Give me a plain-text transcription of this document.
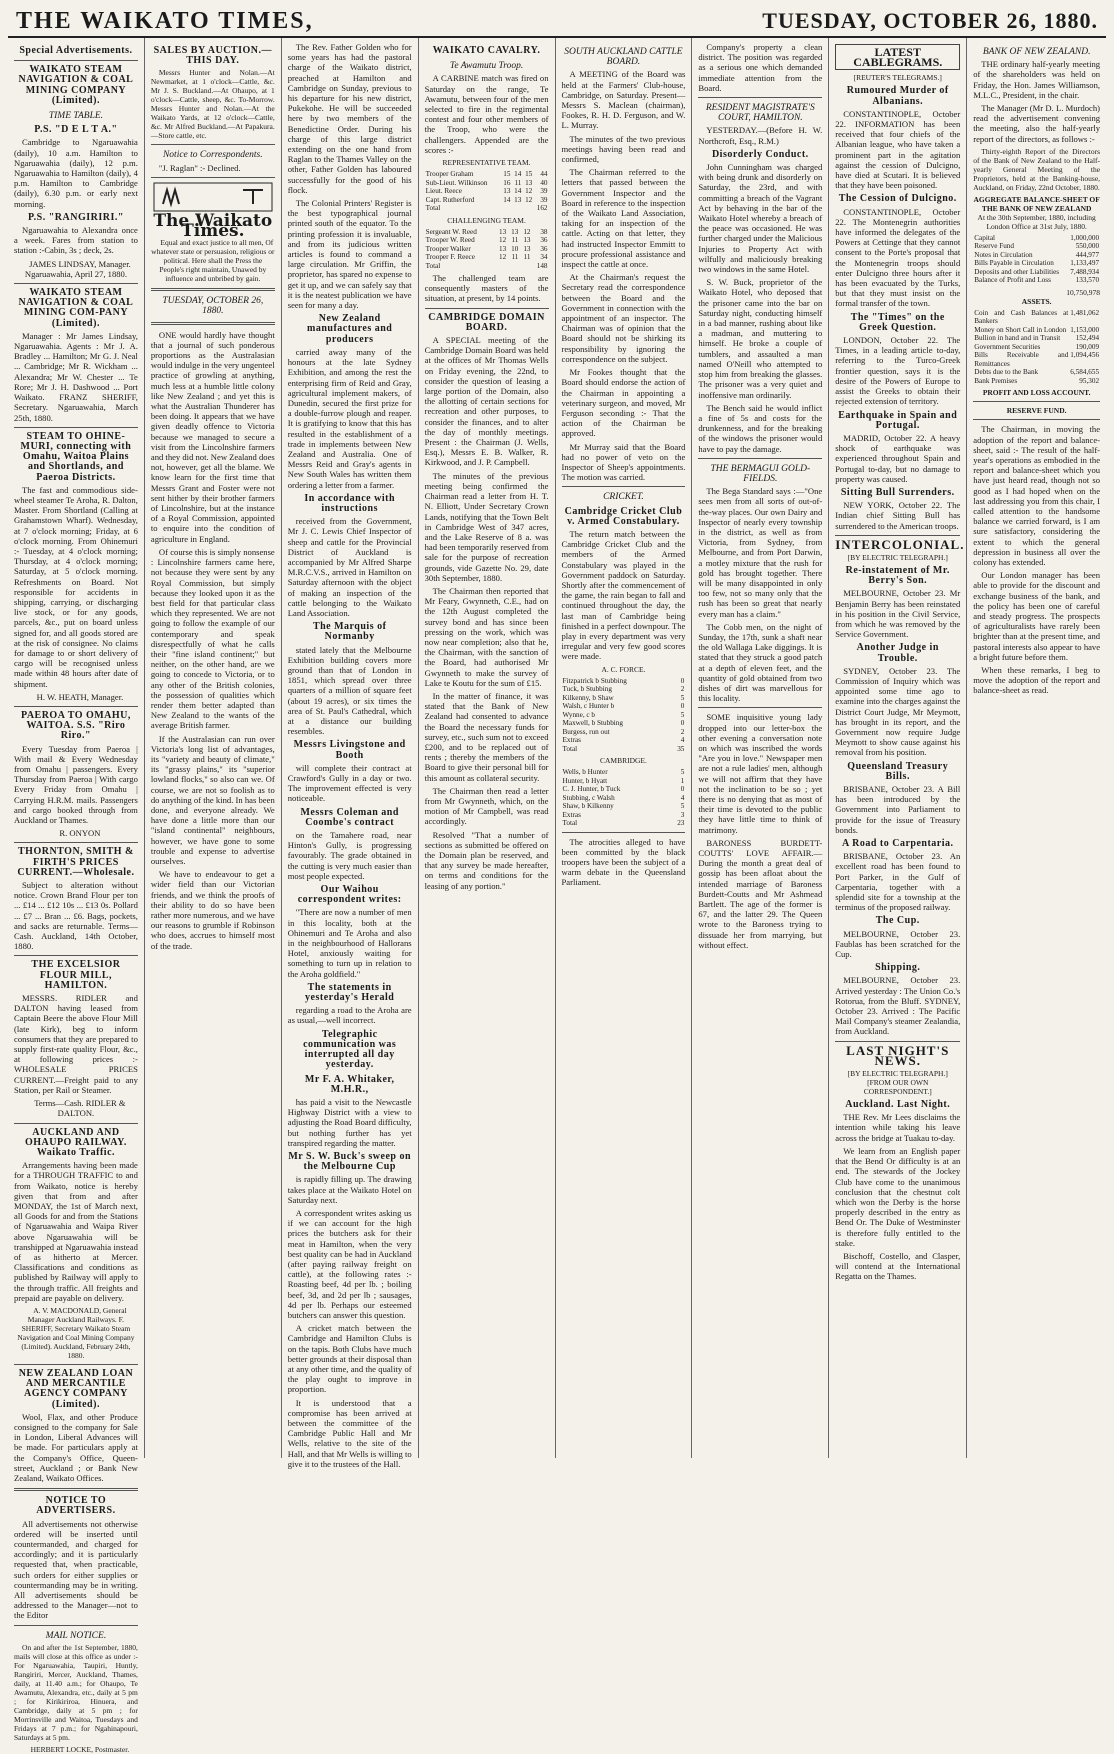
THE WAIKATO TIMES,	TUESDAY, OCTOBER 26, 1880.
Special Advertisements.
WAIKATO STEAM NAVIGATION & COAL MINING COMPANY (Limited).
TIME TABLE.
P.S. "D E L T A."

Cambridge to Ngaruawahia (daily), 10 a.m. Hamilton to Ngaruawahia (daily), 12 p.m. Ngaruawahia to Hamilton (daily), 4 p.m. Hamilton to Cambridge (daily), 6.30 p.m. or early next morning.

P.S. "RANGIRIRI."

Ngaruawahia to Alexandra once a week. Fares from station to station :-Cabin, 3s ; deck, 2s.

JAMES LINDSAY, Manager. Ngaruawahia, April 27, 1880.

WAIKATO STEAM NAVIGATION & COAL MINING COM-PANY (Limited).

Manager : Mr James Lindsay, Ngaruawahia. Agents : Mr J. A. Bradley ... Hamilton; Mr G. J. Neal ... Cambridge; Mr R. Wickham ... Alexandra; Mr W. Chester ... Te Rore; Mr J. H. Dashwood ... Port Waikato. FRANZ SHERIFF, Secretary. Ngaruawahia, March 25th, 1880.

STEAM TO OHINE-MURI, connecting with Omahu, Waitoa Plains and Shortlands, and Paeroa Districts.

The fast and commodious side-wheel steamer Te Aroha, R. Dalton, Master. From Shortland (Calling at Grahamstown Wharf). Wednesday, at 7 o'clock morning; Friday, at 6 o'clock morning. From Ohinemuri :- Tuesday, at 4 o'clock morning; Thursday, at 4 o'clock morning; Saturday, at 5 o'clock morning. Refreshments on Board. Not responsible for accidents in shipping, carrying, or discharging live stock, or for any goods, parcels, &c., put on board unless signed for, and all goods stored are at the risk of consignee. No claims for damage to or short delivery of cargo will be recognised unless made within 48 hours after date of shipment.

H. W. HEATH, Manager.

PAEROA TO OMAHU, WAITOA. S.S. "Riro Riro."

Every Tuesday from Paeroa | With mail & Every Wednesday from Omahu | passengers. Every Thursday from Paeroa | With cargo Every Friday from Omahu | Carrying H.R.M. mails. Passengers and cargo booked through from Auckland or Thames.

R. ONYON

THORNTON, SMITH & FIRTH'S PRICES CURRENT.—Wholesale.

Subject to alteration without notice. Crown Brand Flour per ton ... £14 ... £12 10s ... £13 0s. Pollard ... £7 ... Bran ... £6. Bags, pockets, and sacks are returnable. Terms—Cash. Auckland, 14th October, 1880.

THE EXCELSIOR FLOUR MILL, HAMILTON.

MESSRS. RIDLER and DALTON having leased from Captain Beere the above Flour Mill (late Kirk), beg to inform consumers that they are prepared to supply first-rate quality Flour, &c., at following prices :- WHOLESALE PRICES CURRENT.—Freight paid to any Station, per Rail or Steamer.

Terms—Cash. RIDLER & DALTON.

AUCKLAND AND OHAUPO RAILWAY. Waikato Traffic.

Arrangements having been made for a THROUGH TRAFFIC to and from Waikato, notice is hereby given that from and after MONDAY, the 1st of March next, all Goods for and from the Stations of Ngaruawahia and Waipa River above Ngaruawahia will be transhipped at Ngaruawahia instead of as hitherto at Mercer. Classifications and conditions as published by Railway will apply to the through traffic. All freights and prepaid are payable on delivery.

A. V. MACDONALD, General Manager Auckland Railways. F. SHERIFF, Secretary Waikato Steam Navigation and Coal Mining Company (Limited). Auckland, February 24th, 1880.

NEW ZEALAND LOAN AND MERCANTILE AGENCY COMPANY (Limited).

Wool, Flax, and other Produce consigned to the company for Sale in London, Liberal Advances will be made. For particulars apply at the Company's Office, Queen-street, Auckland ; or Bank New Zealand, Waikato Offices.

NOTICE TO ADVERTISERS.

All advertisements not otherwise ordered will be inserted until countermanded, and charged for accordingly; and it is particularly requested that, when practicable, such orders for either supplies or countermanding may be in writing. All advertisements should be addressed to the Manager—not to the Editor

MAIL NOTICE.

On and after the 1st September, 1880, mails will close at this office as under :-For Ngaruawahia, Taupiri, Huntly, Rangiriri, Mercer, Auckland, Thames, daily, at 11.40 a.m.; for Ohaupo, Te Awamutu, Alexandra, etc., daily at 5 pm ; for Kirikiriroa, Hinuera, and Cambridge, daily at 5 pm ; for Morrinsville and Waitoa, Tuesdays and Fridays at 7 p.m.; for Ngahinapouri, Saturdays at 5 pm.

HERBERT LOCKE, Postmaster.

SALES BY AUCTION.—THIS DAY.

Messrs Hunter and Nolan.—At Newmarket, at 1 o'clock—Cattle, &c. Mr J. S. Buckland.—At Ohaupo, at 1 o'clock—Cattle, sheep, &c. To-Morrow. Messrs Hunter and Nolan.—At the Waikato Yards, at 12 o'clock—Cattle, &c. Mr Alfred Buckland.—At Papakura.—Store cattle, etc.

Notice to Correspondents.

"J. Raglan" :- Declined.

The Waikato Times.

Equal and exact justice to all men, Of whatever state or persuasion, religious or political. Here shall the Press the People's right maintain, Unawed by influence and unbribed by gain.

TUESDAY, OCTOBER 26, 1880.

ONE would hardly have thought that a journal of such ponderous proportions as the Australasian would indulge in the very ungenteel practice of growling at anything, much less at a humble little colony like New Zealand ; and yet this is what the Australian Thunderer has been doing. It appears that we have given deadly offence to Victoria because we managed to secure a visit from the Lincolnshire farmers and they did not. New Zealand does not, however, get all the blame. We know learn for the first time that Messrs Grant and Foster were not sent hither by their brother farmers of Lincolnshire, but at the instance of a Royal Commission, appointed to enquire into the condition of agriculture in England.

Of course this is simply nonsense : Lincolnshire farmers came here, not because they were sent by any Royal Commission, but simply because they looked upon it as the best field for that particular class which they represented. We are not going to follow the example of our contemporary and speak disrespectfully of what he calls their "fine island continent;" but neither, on the other hand, are we going to concede to Victoria, or to any other of the British colonies, the possession of qualities which render them better adapted than New Zealand to the wants of the average British farmer.

If the Australasian can run over Victoria's long list of advantages, its "variety and beauty of climate," its "grassy plains," its "superior lowland flocks," so also can we. Of course, we are not so foolish as to do anything of the kind. In has been done, and everyone already. We have done a little more than our "island continental" neighbours, however, we have gone to some trouble and expense to advertise ourselves.

We have to endeavour to get a wider field than our Victorian friends, and we think the proofs of their ability to do so have been rather more numerous, and we have our reasons to grumble if Robinson who does, accrues to himself most of the trade.

The Rev. Father Golden who for some years has had the pastoral charge of the Waikato district, preached at Hamilton and Cambridge on Sunday, previous to his departure for his new district, Pukekohe. He will be succeeded here by two members of the Benedictine Order. During his charge of this large district extending on the one hand from Raglan to the Thames Valley on the other, Father Golden has laboured successfully for the good of his flock.

The Colonial Printers' Register is the best typographical journal printed south of the equator. To the printing profession it is invaluable, and from its judicious written articles is found to command a large circulation. Mr Griffin, the proprietor, has spared no expense to get it up, and we can safely say that it is the neatest publication we have seen for many a day.

New Zealand manufactures and producers

carried away many of the honours at the late Sydney Exhibition, and among the rest the enterprising firm of Reid and Gray, agricultural implement makers, of Dunedin, secured the first prize for a double-furrow plough and reaper. It is gratifying to know that this has resulted in the establishment of a trade in implements between New Zealand and Australia. One of Messrs Reid and Gray's agents in New South Wales has written them ordering a letter from a farmer.

In accordance with instructions

received from the Government, Mr J. C. Lewis Chief Inspector of sheep and cattle for the Provincial District of Auckland is accompanied by Mr Alfred Sharpe M.R.C.V.S., arrived in Hamilton on Saturday afternoon with the object of making an inspection of the cattle belonging to the Waikato Land Association.

The Marquis of Normanby

stated lately that the Melbourne Exhibition building covers more ground than that of London in 1851, which spread over three quarters of a million of square feet (about 19 acres), or six times the area of St. Paul's Cathedral, which at a distance our building resembles.

Messrs Livingstone and Booth

will complete their contract at Crawford's Gully in a day or two. The improvement effected is very noticeable.

Messrs Coleman and Coombe's contract

on the Tamahere road, near Hinton's Gully, is progressing favourably. The grade obtained in the cutting is very much easier than most people expected.

Our Waihou correspondent writes:

"There are now a number of men in this locality, both at the Ohinemuri and Te Aroha and also in the neighbourhood of Hallorans Hotel, anxiously waiting for something to turn up in relation to the Aroha goldfield."

The statements in yesterday's Herald

regarding a road to the Aroha are as usual,—well incorrect.

Telegraphic communication was interrupted all day yesterday.
Mr F. A. Whitaker, M.H.R.,

has paid a visit to the Newcastle Highway District with a view to adjusting the Road Board difficulty, but nothing further has yet transpired regarding the matter.

Mr S. W. Buck's sweep on the Melbourne Cup

is rapidly filling up. The drawing takes place at the Waikato Hotel on Saturday next.

A correspondent writes asking us if we can account for the high prices the butchers ask for their meat in Hamilton, when the very best quality can be had in Auckland (after paying railway freight on cattle), at the following rates :- Roasting beef, 4d per lb. ; boiling beef, 3d, and 2d per lb ; sausages, 4d per lb. Perhaps our esteemed butchers can answer this question.

A cricket match between the Cambridge and Hamilton Clubs is on the tapis. Both Clubs have much better grounds at their disposal than at any other time, and the quality of the play ought to improve in proportion.

It is understood that a compromise has been arrived at between the committee of the Cambridge Public Hall and Mr Wells, relative to the site of the Hall, and that Mr Wells is willing to give it to the trustees of the Hall.

WAIKATO CAVALRY.
Te Awamutu Troop.

A CARBINE match was fired on Saturday on the range, Te Awamutu, between four of the men selected to fire in the regimental contest and four other members of the Troop, who were the challengers. Appended are the scores :-

REPRESENTATIVE TEAM.
Trooper Graham	15	14	15	44
Sub-Lieut. Wilkinson	16	11	13	40
Lieut. Reece	13	14	12	39
Capt. Rutherford	14	13	12	39
Total				162
CHALLENGING TEAM.
Sergeant W. Reed	13	13	12	38
Trooper W. Reed	12	11	13	36
Trooper Walker	13	10	13	36
Trooper F. Reece	12	11	11	34
Total				148

The challenged team are consequently masters of the situation, at present, by 14 points.

CAMBRIDGE DOMAIN BOARD.

A SPECIAL meeting of the Cambridge Domain Board was held at the offices of Mr Thomas Wells on Friday evening, the 22nd, to consider the question of leasing a large portion of the Domain, also the allotting of certain sections for recreation and other purposes, to consider the finances, and to alter the day of monthly meetings. Present : the Chairman (J. Wells, Esq.), Messrs E. B. Walker, R. Kirkwood, and J. P. Campbell.

The minutes of the previous meeting being confirmed the Chairman read a letter from H. T. N. Elliott, Under Secretary Crown Lands, notifying that the Town Belt in Cambridge West of 347 acres, and the Lake Reserve of 8 a. was had been temporarily reserved from sale for the purpose of recreation grounds, vide Gazette No. 29, date 30th September, 1880.

The Chairman then reported that Mr Feary, Gwynneth, C.E., had on the 12th August completed the survey bond and has since been pressing on the work, which was now near completion; also that he, the Chairman, with the sanction of the Board, had authorised Mr Gwynneth to make the survey of Lake te Koutu for the sum of £15.

In the matter of finance, it was stated that the Bank of New Zealand had consented to advance the Board the necessary funds for survey, etc., such sum not to exceed £200, and to be replaced out of rents ; thereby the members of the Board to give their personal bill for this amount as collateral security.

The Chairman then read a letter from Mr Gwynneth, which, on the motion of Mr Campbell, was read accordingly.

Resolved "That a number of sections as submitted be offered on the Domain plan be reserved, and that any survey be made hereafter, on terms and conditions for the leasing of any portion."

SOUTH AUCKLAND CATTLE BOARD.

A MEETING of the Board was held at the Farmers' Club-house, Cambridge, on Saturday. Present—Messrs S. Maclean (chairman), Fookes, R. H. D. Ferguson, and W. L. Murray.

The minutes of the two previous meetings having been read and confirmed,

The Chairman referred to the letters that passed between the Government Inspector and the Board in reference to the inspection of the Waikato Land Association, taking for an inspection of the cattle. Acting on that letter, they had instructed Inspector Emmitt to procure professional assistance and inspect the cattle at once.

At the Chairman's request the Secretary read the correspondence between the Board and the Government in connection with the appointment of an inspector. The Chairman was of opinion that the Board should not be shirking its responsibility by ignoring the correspondence on the subject.

Mr Fookes thought that the Board should endorse the action of the Chairman in appointing a veterinary surgeon, and moved, Mr Ferguson seconding :- That the action of the Chairman be approved.

Mr Murray said that the Board had no power of veto on the Inspector of Sheep's appointments. The motion was carried.

CRICKET.
Cambridge Cricket Club v. Armed Constabulary.

The return match between the Cambridge Cricket Club and the members of the Armed Constabulary was played in the Government paddock on Saturday. Shortly after the commencement of the game, the rain began to fall and continued throughout the day, the last man of Cambridge being finished in a perfect downpour. The play in every department was very irregular and very few good scores were made.

A. C. FORCE.
Fitzpatrick b Stubbing	0
Tuck, b Stubbing	2
Kilkenny, b Shaw	5
Walsh, c Hunter b	0
Wynne, c b	5
Maxwell, b Stubbing	0
Burgess, run out	2
Extras	4
Total	35
CAMBRIDGE.
Wells, b Hunter	5
Hunter, b Hyatt	1
C. J. Hunter, b Tuck	0
Stubbing, c Walsh	4
Shaw, b Kilkenny	5
Extras	3
Total	23

The atrocities alleged to have been committed by the black troopers have been the subject of a warm debate in the Queensland Parliament.

Company's property a clean district. The position was regarded as a serious one which demanded immediate attention from the Board.

RESIDENT MAGISTRATE'S COURT, HAMILTON.

YESTERDAY.—(Before H. W. Northcroft, Esq., R.M.)

Disorderly Conduct.

John Cunningham was charged with being drunk and disorderly on Saturday, the 23rd, and with committing a breach of the Vagrant Act by behaving in the bar of the Waikato Hotel whereby a breach of the peace was occasioned. He was further charged under the Malicious Injuries to Property Act with wilfully and maliciously breaking two windows in the same Hotel.

S. W. Buck, proprietor of the Waikato Hotel, who deposed that the prisoner came into the bar on Saturday night, conducting himself in a bad manner, rushing about like a madman, and muttering to himself. He broke a couple of tumblers, and assaulted a man named O'Neill who attempted to stop him from breaking the glasses. The prisoner was a very quiet and inoffensive man ordinarily.

The Bench said he would inflict a fine of 5s and costs for the drunkenness, and for the breaking of the windows the prisoner would have to pay the damage.

THE BERMAGUI GOLD-FIELDS.

The Bega Standard says :—"One sees men from all sorts of out-of-the-way places. Our own Dairy and Inspector of nearly every township in the district, as well as from Victoria, from Sydney, from Melbourne, and from Port Darwin, a motley mixture that the rush for gold has brought together. There will be many disappointed in only too few, not so many only that the rush has been so great that nearly every man has a claim."

The Cobb men, on the night of Sunday, the 17th, sunk a shaft near the old Wallaga Lake diggings. It is stated that they struck a good patch at a depth of eleven feet, and the quantity of gold obtained from two dishes of dirt was marvellous for this locality.

SOME inquisitive young lady dropped into our letter-box the other evening a conversation note on which was inscribed the words "Are you in love." Newspaper men are not a rule ladies' men, although we will not affirm that they have not the inclination to be so ; yet there is no denying that as most of their time is devoted to the public they have little time to think of matrimony.

BARONESS BURDETT-COUTTS' LOVE AFFAIR.—During the month a great deal of gossip has been afloat about the intended marriage of Baroness Burdett-Coutts and Mr Ashmead Bartlett. The age of the former is 67, and the latter 29. The Queen wrote to the Baroness trying to dissuade her from marrying, but without effect.

LATEST CABLEGRAMS.
[REUTER'S TELEGRAMS.]
Rumoured Murder of Albanians.

CONSTANTINOPLE, October 22. INFORMATION has been received that four chiefs of the Albanian league, who have taken a prominent part in the agitation against the cession of Dulcigno, have died at Scutari. It is believed that they have been poisoned.

The Cession of Dulcigno.

CONSTANTINOPLE, October 22. The Montenegrin authorities have informed the delegates of the Powers at Cettinge that they cannot consent to the Porte's proposal that the Montenegrin troops should enter Dulcigno three hours after it has been evacuated by the Turks, but that they must insist on the formal transfer of the town.

The "Times" on the Greek Question.

LONDON, October 22. The Times, in a leading article to-day, referring to the Turco-Greek frontier question, says it is the desire of the Powers of Europe to assist the Greeks to obtain their rejected extension of territory.

Earthquake in Spain and Portugal.

MADRID, October 22. A heavy shock of earthquake was experienced throughout Spain and Portugal to-day, but no damage to property was caused.

Sitting Bull Surrenders.

NEW YORK, October 22. The Indian chief Sitting Bull has surrendered to the American troops.

INTERCOLONIAL.
[BY ELECTRIC TELEGRAPH.]
Re-instatement of Mr. Berry's Son.

MELBOURNE, October 23. Mr Benjamin Berry has been reinstated in his position in the Civil Service, from which he was removed by the Service Government.

Another Judge in Trouble.

SYDNEY, October 23. The Commission of Inquiry which was appointed some time ago to examine into the charges against the District Court Judge, Mr Meymott, has brought in its report, and the Government now require Judge Meymott to show cause against his removal from his position.

Queensland Treasury Bills.

BRISBANE, October 23. A Bill has been introduced by the Government into Parliament to provide for the issue of Treasury bonds.

A Road to Carpentaria.

BRISBANE, October 23. An excellent road has been found to Port Parker, in the Gulf of Carpentaria, together with a splendid site for a township at the terminus of the proposed railway.

The Cup.

MELBOURNE, October 23. Faublas has been scratched for the Cup.

Shipping.

MELBOURNE, October 23. Arrived yesterday : The Union Co.'s Rotorua, from the Bluff. SYDNEY, October 23. Arrived : The Pacific Mail Company's steamer Zealandia, from Auckland.

LAST NIGHT'S NEWS.
[BY ELECTRIC TELEGRAPH.]
[FROM OUR OWN CORRESPONDENT.]
Auckland. Last Night.

THE Rev. Mr Lees disclaims the intention while taking his leave across the bridge at Tuakau to-day.

We learn from an English paper that the Bend Or difficulty is at an end. The stewards of the Jockey Club have come to the unanimous conclusion that the chestnut colt which won the Derby is the horse properly described in the entry as Bend Or. The Duke of Westminster is therefore fully entitled to the stake.

Bischoff, Costello, and Clasper, will contend at the International Regatta on the Thames.

BANK OF NEW ZEALAND.

THE ordinary half-yearly meeting of the shareholders was held on Friday, the Hon. James Williamson, M.L.C., President, in the chair.

The Manager (Mr D. L. Murdoch) read the advertisement convening the meeting, also the half-yearly report of the directors, as follows :-

Thirty-eighth Report of the Directors of the Bank of New Zealand to the Half-yearly General Meeting of the Proprietors, held at the Banking-house, Auckland, on Friday, 22nd October, 1880.

AGGREGATE BALANCE-SHEET OF THE BANK OF NEW ZEALAND
At the 30th September, 1880, including London Office at 31st July, 1880.
Capital	1,000,000
Reserve Fund	550,000
Notes in Circulation	444,977
Bills Payable in Circulation	1,133,497
Deposits and other Liabilities	7,488,934
Balance of Profit and Loss	133,570
10,750,978
ASSETS.
Coin and Cash Balances at Bankers	1,481,062
Money on Short Call in London	1,153,000
Bullion in hand and in Transit	152,494
Government Securities	190,009
Bills Receivable and Remittances	1,094,456
Debts due to the Bank	6,584,655
Bank Premises	95,302
PROFIT AND LOSS ACCOUNT.
RESERVE FUND.

The Chairman, in moving the adoption of the report and balance-sheet, said :- The result of the half-year's operations as embodied in the report and balance-sheet which you have just heard read, though not so good as I had hoped when on the last addressing you from this chair, I called attention to the handsome balance we carried forward, is I am sure satisfactory, considering the extent to which the general depression in business all over the colony has extended.

Our London manager has been able to provide for the discount and exchange business of the bank, and the policy has been one of careful and steady progress. The prospects of agriculturalists have rarely been brighter than at the present time, and pastoral interests also appear to have a bright future before them.

When these remarks, I beg to move the adoption of the report and balance-sheet as read.
